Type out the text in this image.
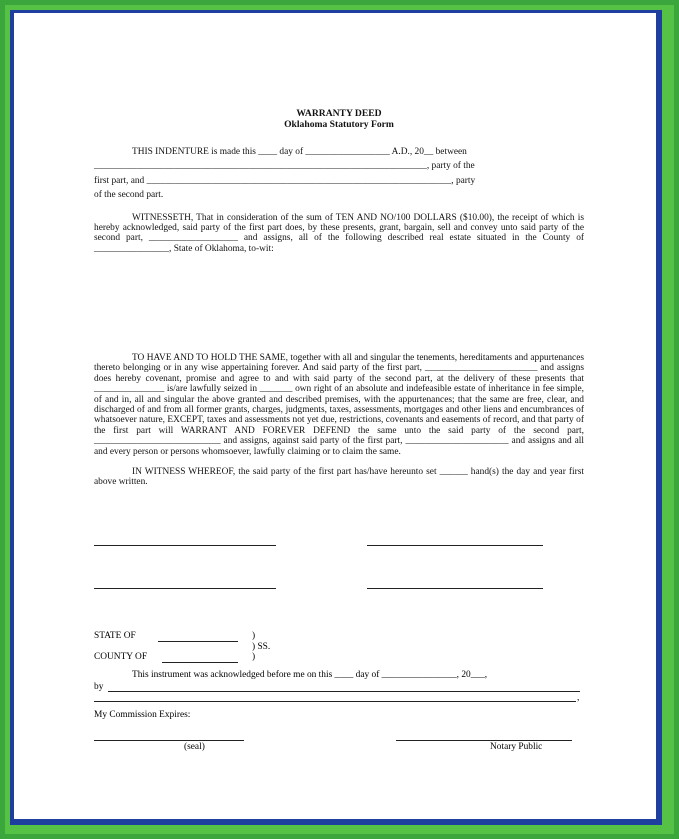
WARRANTY DEED
Oklahoma Statutory Form
THIS INDENTURE is made this ____ day of __________________ A.D., 20__ between
_______________________________________________________________________, party of the
first part, and _________________________________________________________________, party
of the second part.

WITNESSETH, That in consideration of the sum of TEN AND NO/100 DOLLARS ($10.00), the receipt of which is hereby acknowledged, said party of the first part does, by these presents, grant, bargain, sell and convey unto said party of the second part, ___________________ and assigns, all of the following described real estate situated in the County of ________________, State of Oklahoma, to-wit:

TO HAVE AND TO HOLD THE SAME, together with all and singular the tenements, hereditaments and appurtenances thereto belonging or in any wise appertaining forever. And said party of the first part, ________________________ and assigns does hereby covenant, promise and agree to and with said party of the second part, at the delivery of these presents that _______________ is/are lawfully seized in _______ own right of an absolute and indefeasible estate of inheritance in fee simple, of and in, all and singular the above granted and described premises, with the appurtenances; that the same are free, clear, and discharged of and from all former grants, charges, judgments, taxes, assessments, mortgages and other liens and encumbrances of whatsoever nature, EXCEPT, taxes and assessments not yet due, restrictions, covenants and easements of record, and that party of the first part will WARRANT AND FOREVER DEFEND the same unto the said party of the second part, ___________________________ and assigns, against said party of the first part, ______________________ and assigns and all and every person or persons whomsoever, lawfully claiming or to claim the same.

IN WITNESS WHEREOF, the said party of the first part has/have hereunto set ______ hand(s) the day and year first above written.

STATE OF	)
) SS.
COUNTY OF	)
This instrument was acknowledged before me on this ____ day of ________________, 20___,
by
,
My Commission Expires:
(seal)	Notary Public
